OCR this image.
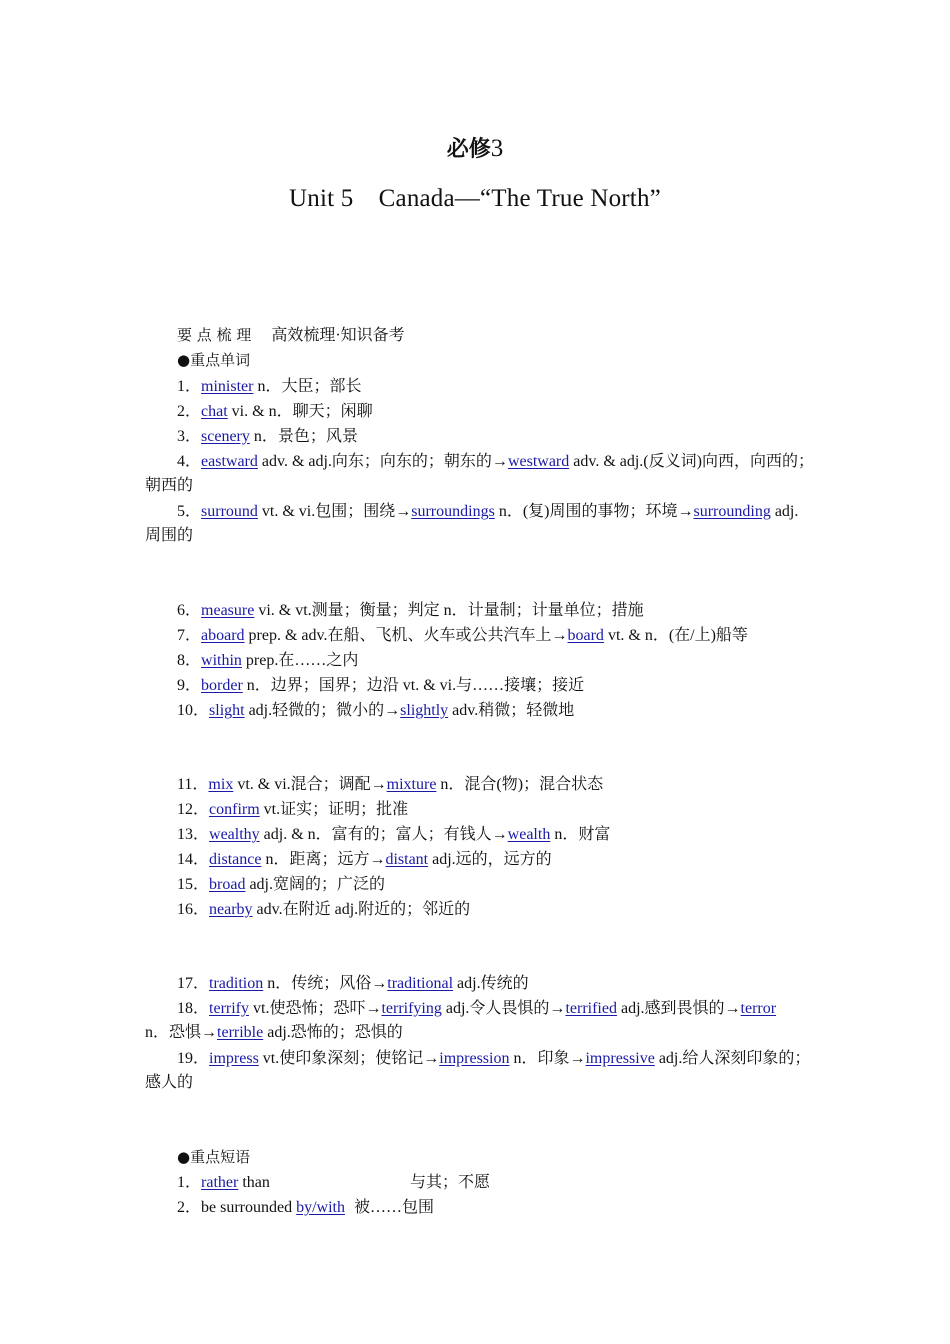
必修3
Unit 5　Canada—“The True North”
要 点 梳 理 高效梳理·知识备考
●重点单词
1．minister n．大臣；部长
2．chat vi. & n．聊天；闲聊
3．scenery n．景色；风景
4．eastward adv. & adj.向东；向东的；朝东的→westward adv. & adj.(反义词)向西，向西的；
朝西的
5．surround vt. & vi.包围；围绕→surroundings n．(复)周围的事物；环境→surrounding adj.
周围的
6．measure vi. & vt.测量；衡量；判定 n．计量制；计量单位；措施
7．aboard prep. & adv.在船、飞机、火车或公共汽车上→board vt. & n．(在/上)船等
8．within prep.在……之内
9．border n．边界；国界；边沿 vt. & vi.与……接壤；接近
10．slight adj.轻微的；微小的→slightly adv.稍微；轻微地
11．mix vt. & vi.混合；调配→mixture n．混合(物)；混合状态
12．confirm vt.证实；证明；批准
13．wealthy adj. & n．富有的；富人；有钱人→wealth n．财富
14．distance n．距离；远方→distant adj.远的，远方的
15．broad adj.宽阔的；广泛的
16．nearby adv.在附近 adj.附近的；邻近的
17．tradition n．传统；风俗→traditional adj.传统的
18．terrify vt.使恐怖；恐吓→terrifying adj.令人畏惧的→terrified adj.感到畏惧的→terror
n．恐惧→terrible adj.恐怖的；恐惧的
19．impress vt.使印象深刻；使铭记→impression n．印象→impressive adj.给人深刻印象的；
感人的
●重点短语
1．rather than	与其；不愿
2．be surrounded by/with 被……包围
